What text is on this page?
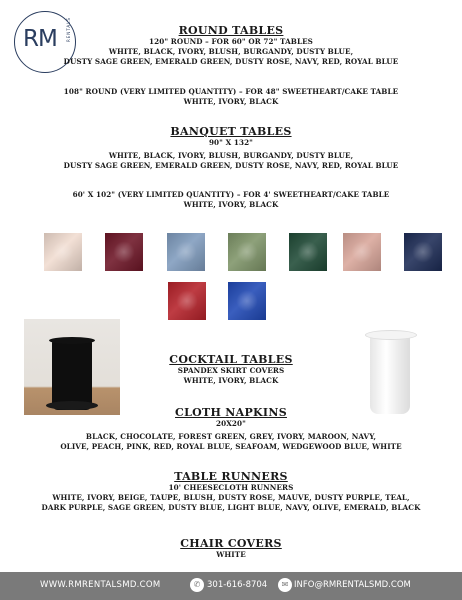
RM RENTALS	ROUND TABLES
120" ROUND – FOR 60" OR 72" TABLES
WHITE, BLACK, IVORY, BLUSH, BURGANDY, DUSTY BLUE,
DUSTY SAGE GREEN, EMERALD GREEN, DUSTY ROSE, NAVY, RED, ROYAL BLUE
108" ROUND (VERY LIMITED QUANTITY) – FOR 48" SWEETHEART/CAKE TABLE
WHITE, IVORY, BLACK
BANQUET TABLES
90" X 132"
WHITE, BLACK, IVORY, BLUSH, BURGANDY, DUSTY BLUE,
DUSTY SAGE GREEN, EMERALD GREEN, DUSTY ROSE, NAVY, RED, ROYAL BLUE
60' X 102" (VERY LIMITED QUANTITY) – FOR 4' SWEETHEART/CAKE TABLE
WHITE, IVORY, BLACK
COCKTAIL TABLES
SPANDEX SKIRT COVERS
WHITE, IVORY, BLACK
CLOTH NAPKINS
20X20"
BLACK, CHOCOLATE, FOREST GREEN, GREY, IVORY, MAROON, NAVY,
OLIVE, PEACH, PINK, RED, ROYAL BLUE, SEAFOAM, WEDGEWOOD BLUE, WHITE
TABLE RUNNERS
10' CHEESECLOTH RUNNERS
WHITE, IVORY, BEIGE, TAUPE, BLUSH, DUSTY ROSE, MAUVE, DUSTY PURPLE, TEAL,
DARK PURPLE, SAGE GREEN, DUSTY BLUE, LIGHT BLUE, NAVY, OLIVE, EMERALD, BLACK
CHAIR COVERS
WHITE
WWW.RMRENTALSMD.COM	✆ 301-616-8704	✉ INFO@RMRENTALSMD.COM
